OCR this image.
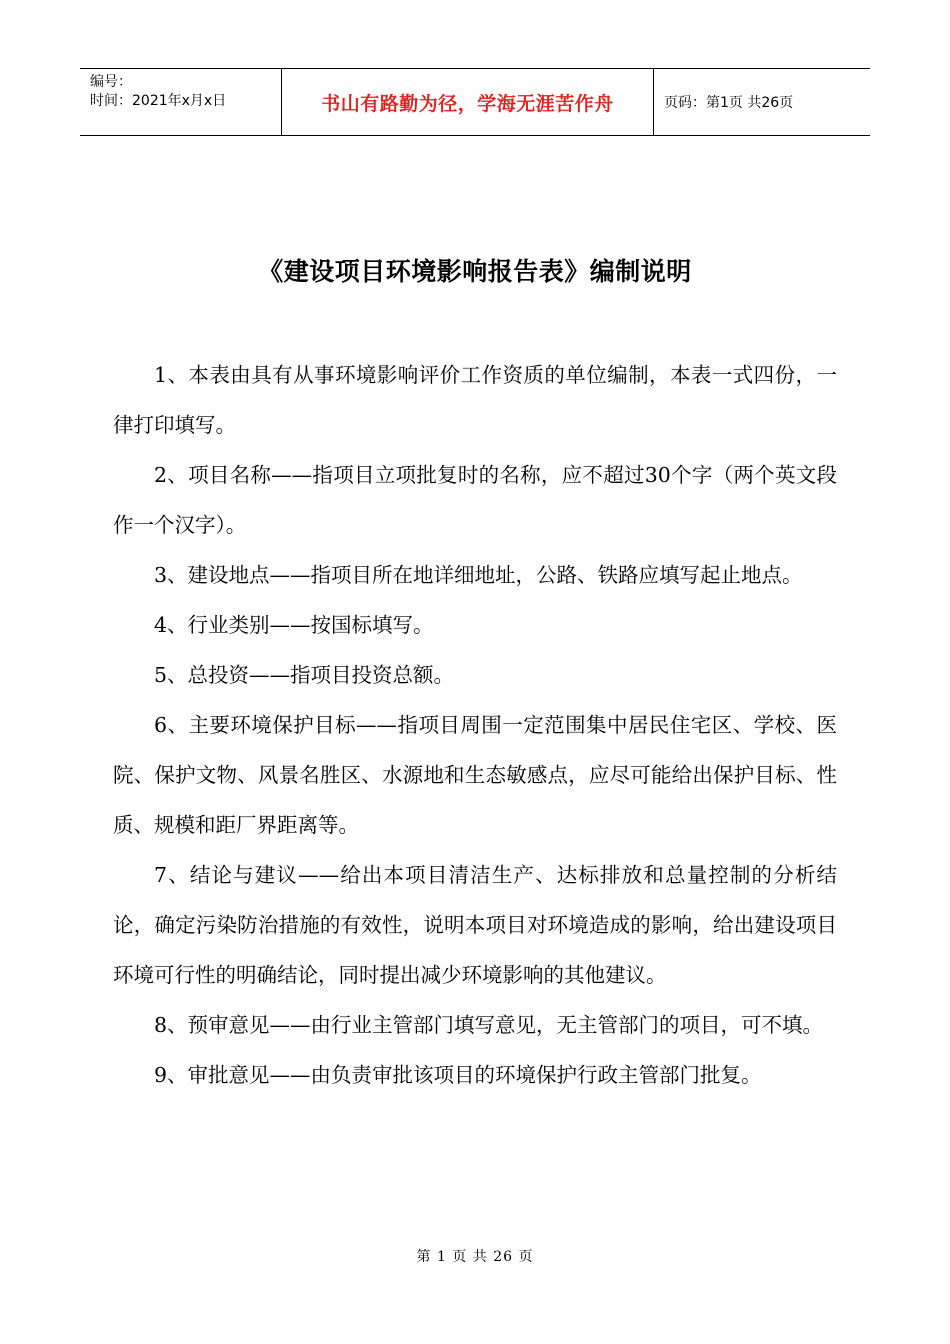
编号：
时间：2021年x月x日	书山有路勤为径，学海无涯苦作舟	页码：第1页 共26页
《建设项目环境影响报告表》编制说明

1、本表由具有从事环境影响评价工作资质的单位编制，本表一式四份，一律打印填写。

2、项目名称——指项目立项批复时的名称，应不超过30个字（两个英文段作一个汉字）。

3、建设地点——指项目所在地详细地址，公路、铁路应填写起止地点。

4、行业类别——按国标填写。

5、总投资——指项目投资总额。

6、主要环境保护目标——指项目周围一定范围集中居民住宅区、学校、医院、保护文物、风景名胜区、水源地和生态敏感点，应尽可能给出保护目标、性质、规模和距厂界距离等。

7、结论与建议——给出本项目清洁生产、达标排放和总量控制的分析结论，确定污染防治措施的有效性，说明本项目对环境造成的影响，给出建设项目环境可行性的明确结论，同时提出减少环境影响的其他建议。

8、预审意见——由行业主管部门填写意见，无主管部门的项目，可不填。

9、审批意见——由负责审批该项目的环境保护行政主管部门批复。

第 1 页 共 26 页
